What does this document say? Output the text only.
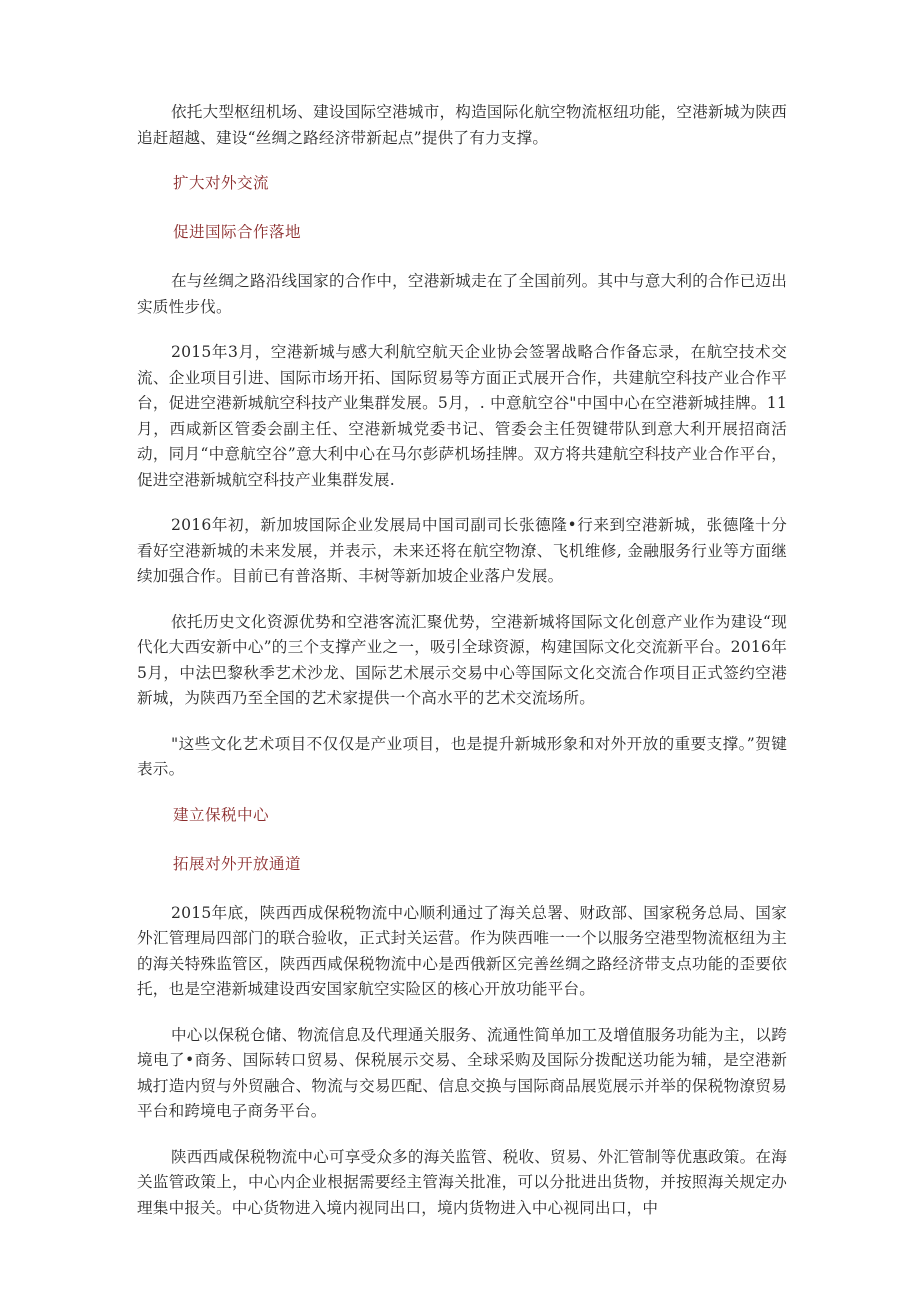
依托大型枢纽机场、建设国际空港城市，构造国际化航空物流枢纽功能，空港新城为陕西追赶超越、建设“丝绸之路经济带新起点”提供了有力支撑。

扩大对外交流

促进国际合作落地

在与丝绸之路沿线国家的合作中，空港新城走在了全国前列。其中与意大利的合作已迈出实质性步伐。

2015年3月，空港新城与感大利航空航天企业协会签署战略合作备忘录，在航空技术交流、企业项目引进、国际市场开拓、国际贸易等方面正式展开合作，共建航空科技产业合作平台，促进空港新城航空科技产业集群发展。5月，. 中意航空谷"中国中心在空港新城挂牌。11月，西咸新区管委会副主任、空港新城党委书记、管委会主任贺键带队到意大利开展招商活动，同月“中意航空谷”意大利中心在马尔彭萨机场挂牌。双方将共建航空科技产业合作平台，促进空港新城航空科技产业集群发展.

2016年初，新加坡国际企业发展局中国司副司长张德隆•行来到空港新城，张德隆十分看好空港新城的未来发展，并表示，未来还将在航空物潦、飞机维修, 金融服务行业等方面继续加强合作。目前已有普洛斯、丰树等新加坡企业落户发展。

依托历史文化资源优势和空港客流汇聚优势，空港新城将国际文化创意产业作为建设“现代化大西安新中心”的三个支撑产业之一，吸引全球资源，构建国际文化交流新平台。2016年5月，中法巴黎秋季艺术沙龙、国际艺术展示交易中心等国际文化交流合作项目正式签约空港新城，为陕西乃至全国的艺术家提供一个高水平的艺术交流场所。

"这些文化艺术项目不仅仅是产业项目，也是提升新城形象和对外开放的重要支撑。”贺键表示。

建立保税中心

拓展对外开放通道

2015年底，陕西西成保税物流中心顺利通过了海关总署、财政部、国家税务总局、国家外汇管理局四部门的联合验收，正式封关运营。作为陕西唯一一个以服务空港型物流枢纽为主的海关特殊监管区，陕西西咸保税物流中心是西俄新区完善丝绸之路经济带支点功能的歪要依托，也是空港新城建设西安国家航空实险区的核心开放功能平台。

中心以保税仓储、物流信息及代理通关服务、流通性简单加工及增值服务功能为主，以跨境电了•商务、国际转口贸易、保税展示交易、全球采购及国际分拨配送功能为辅，是空港新城打造内贸与外贸融合、物流与交易匹配、信息交换与国际商品展览展示并举的保税物潦贸易平台和跨境电子商务平台。

陕西西咸保税物流中心可享受众多的海关监管、税收、贸易、外汇管制等优惠政策。在海关监管政策上，中心内企业根据需要经主管海关批准，可以分批进出货物，并按照海关规定办理集中报关。中心货物进入境内视同出口，境内货物进入中心视同出口，中
